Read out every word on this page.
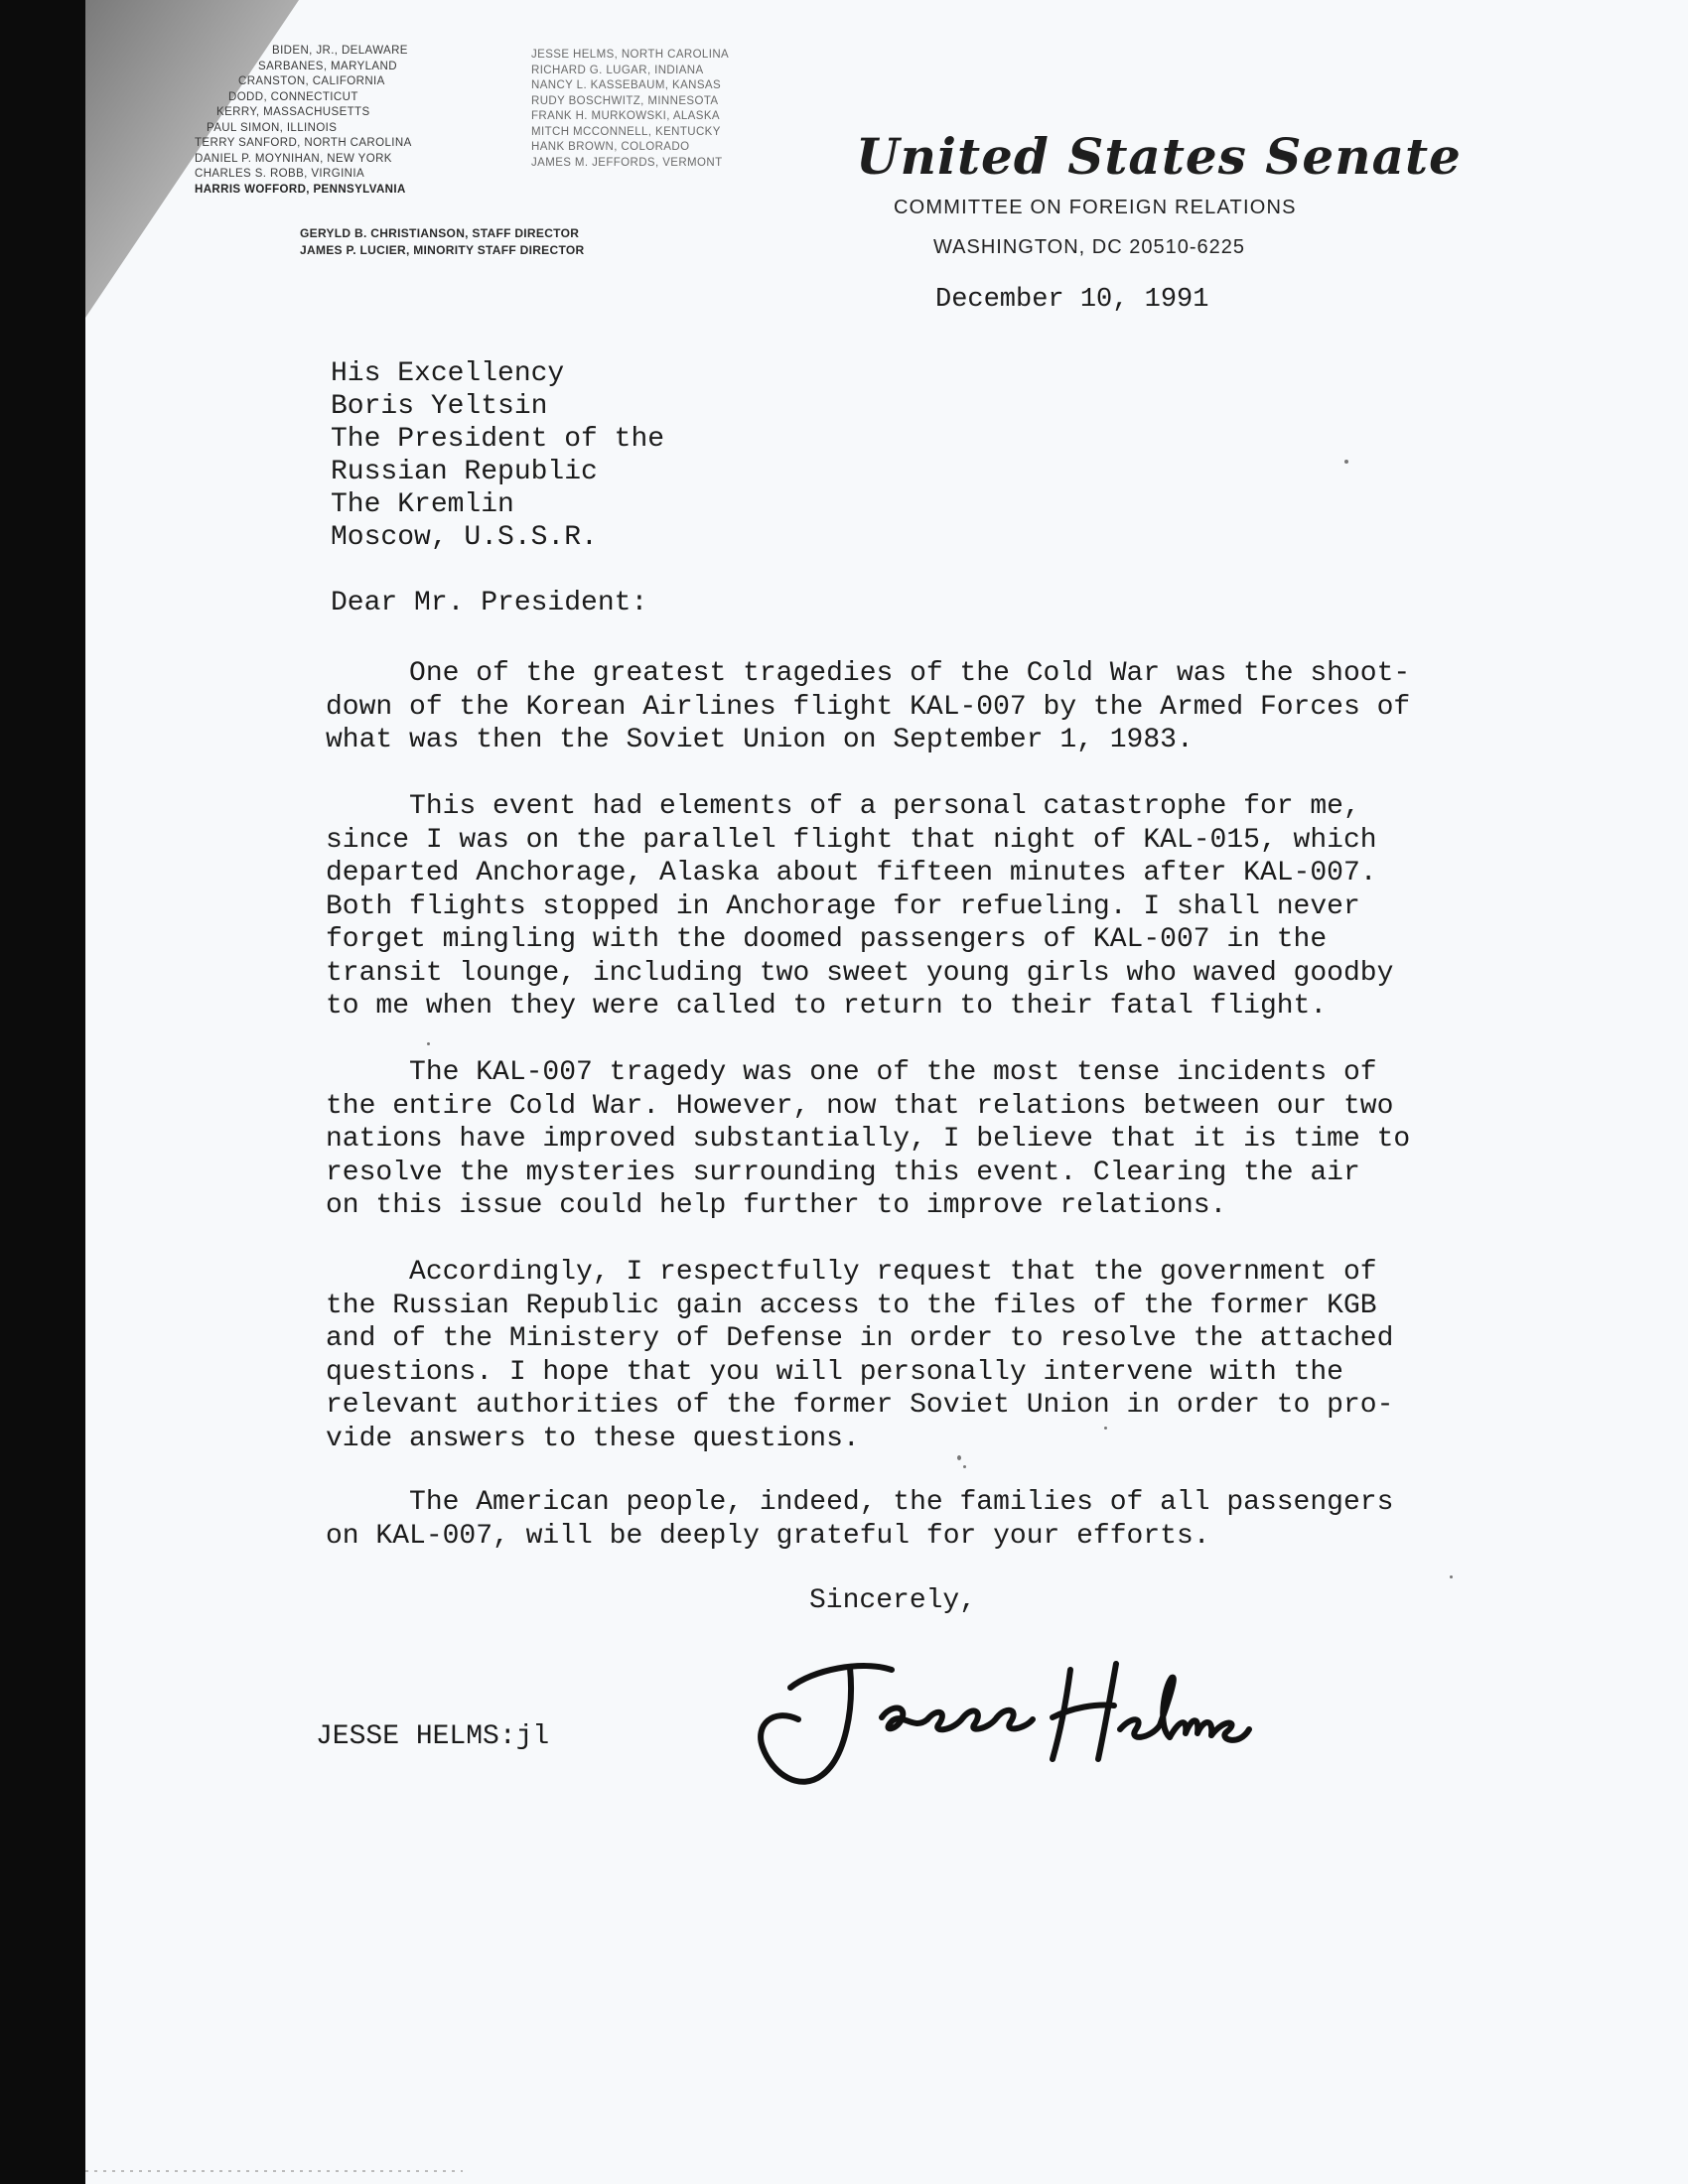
BIDEN, JR., DELAWARE
SARBANES, MARYLAND
CRANSTON, CALIFORNIA
DODD, CONNECTICUT
KERRY, MASSACHUSETTS
PAUL SIMON, ILLINOIS
TERRY SANFORD, NORTH CAROLINA
DANIEL P. MOYNIHAN, NEW YORK
CHARLES S. ROBB, VIRGINIA
HARRIS WOFFORD, PENNSYLVANIA
JESSE HELMS, NORTH CAROLINA
RICHARD G. LUGAR, INDIANA
NANCY L. KASSEBAUM, KANSAS
RUDY BOSCHWITZ, MINNESOTA
FRANK H. MURKOWSKI, ALASKA
MITCH MCCONNELL, KENTUCKY
HANK BROWN, COLORADO
JAMES M. JEFFORDS, VERMONT
GERYLD B. CHRISTIANSON, STAFF DIRECTOR
JAMES P. LUCIER, MINORITY STAFF DIRECTOR
United States Senate
COMMITTEE ON FOREIGN RELATIONS
WASHINGTON, DC 20510-6225
December 10, 1991
His Excellency
Boris Yeltsin
The President of the
Russian Republic
The Kremlin
Moscow, U.S.S.R.
Dear Mr. President:
One of the greatest tragedies of the Cold War was the shoot-
down of the Korean Airlines flight KAL-007 by the Armed Forces of
what was then the Soviet Union on September 1, 1983.
This event had elements of a personal catastrophe for me,
since I was on the parallel flight that night of KAL-015, which
departed Anchorage, Alaska about fifteen minutes after KAL-007.
Both flights stopped in Anchorage for refueling. I shall never
forget mingling with the doomed passengers of KAL-007 in the
transit lounge, including two sweet young girls who waved goodby
to me when they were called to return to their fatal flight.
The KAL-007 tragedy was one of the most tense incidents of
the entire Cold War. However, now that relations between our two
nations have improved substantially, I believe that it is time to
resolve the mysteries surrounding this event. Clearing the air
on this issue could help further to improve relations.
Accordingly, I respectfully request that the government of
the Russian Republic gain access to the files of the former KGB
and of the Ministery of Defense in order to resolve the attached
questions. I hope that you will personally intervene with the
relevant authorities of the former Soviet Union in order to pro-
vide answers to these questions.
The American people, indeed, the families of all passengers
on KAL-007, will be deeply grateful for your efforts.
Sincerely,
JESSE HELMS:jl
